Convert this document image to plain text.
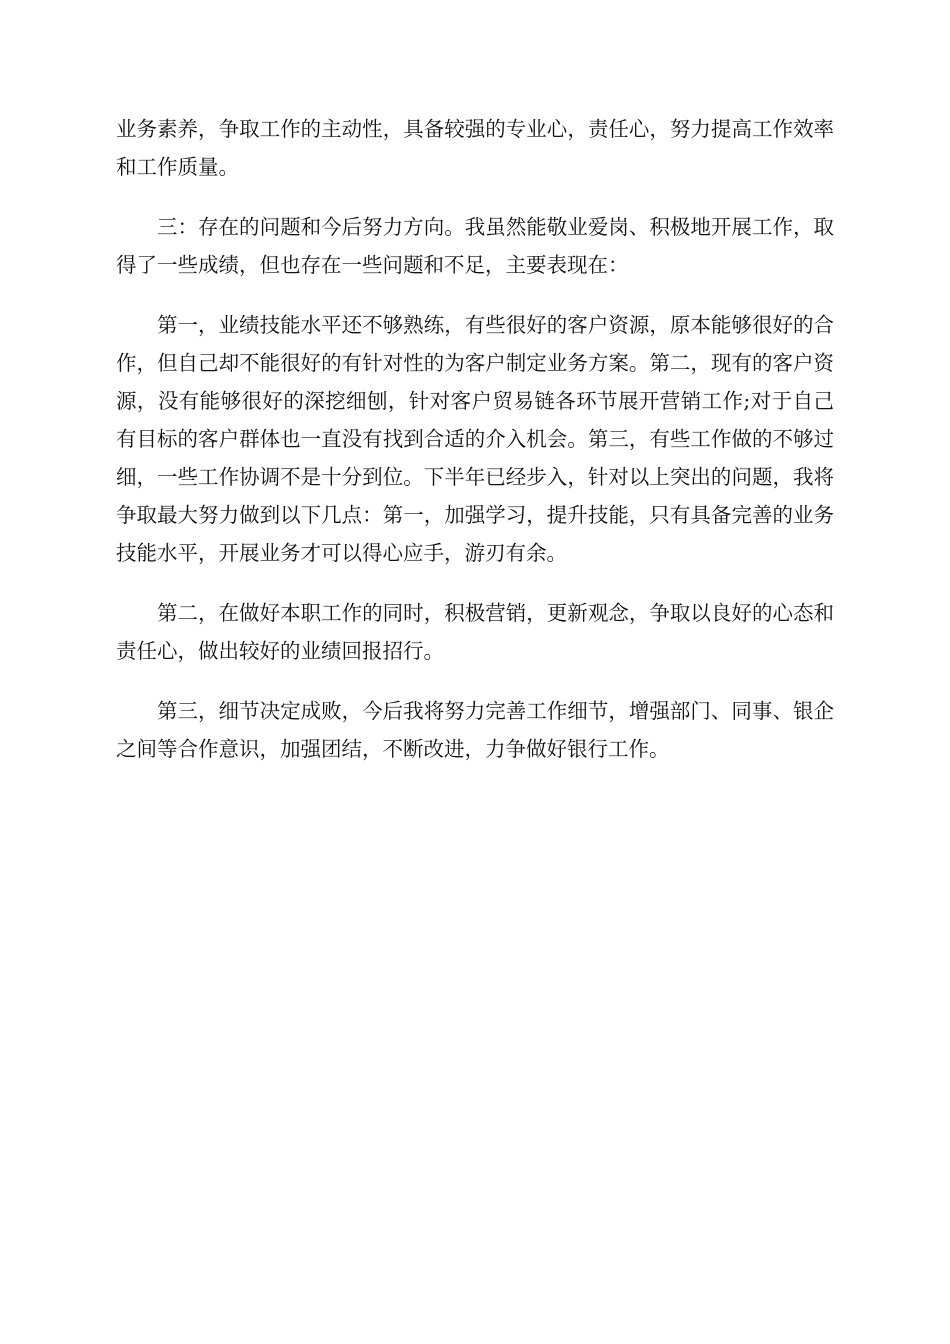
业务素养，争取工作的主动性，具备较强的专业心，责任心，努力提高工作效率和工作质量。

三：存在的问题和今后努力方向。我虽然能敬业爱岗、积极地开展工作，取得了一些成绩，但也存在一些问题和不足，主要表现在：

第一，业绩技能水平还不够熟练，有些很好的客户资源，原本能够很好的合作，但自己却不能很好的有针对性的为客户制定业务方案。第二，现有的客户资源，没有能够很好的深挖细刨，针对客户贸易链各环节展开营销工作;对于自己有目标的客户群体也一直没有找到合适的介入机会。第三，有些工作做的不够过细，一些工作协调不是十分到位。下半年已经步入，针对以上突出的问题，我将争取最大努力做到以下几点：第一，加强学习，提升技能，只有具备完善的业务技能水平，开展业务才可以得心应手，游刃有余。

第二，在做好本职工作的同时，积极营销，更新观念，争取以良好的心态和责任心，做出较好的业绩回报招行。

第三，细节决定成败，今后我将努力完善工作细节，增强部门、同事、银企之间等合作意识，加强团结，不断改进，力争做好银行工作。
